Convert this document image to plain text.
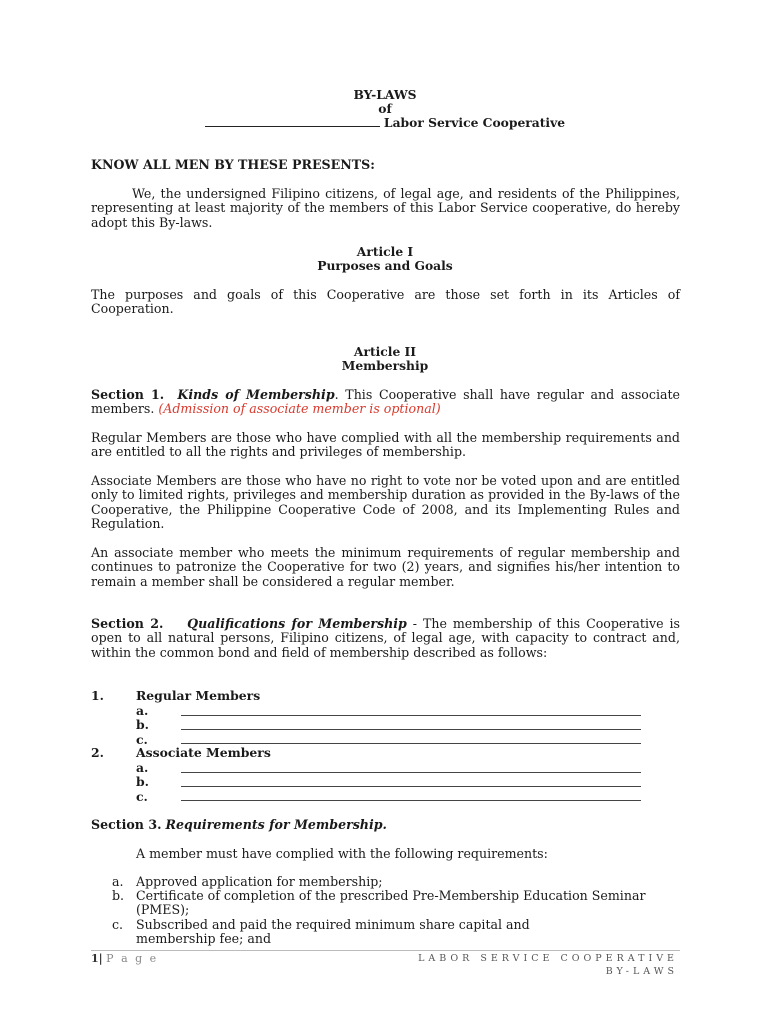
BY-LAWS
of
Labor Service Cooperative
KNOW ALL MEN BY THESE PRESENTS:
We, the undersigned Filipino citizens, of legal age, and residents of the Philippines, representing at least majority of the members of this Labor Service cooperative, do hereby adopt this By-laws.
Article I
Purposes and Goals
The purposes and goals of this Cooperative are those set forth in its Articles of Cooperation.
Article II
Membership
Section 1. Kinds of Membership. This Cooperative shall have regular and associate members. (Admission of associate member is optional)
Regular Members are those who have complied with all the membership requirements and are entitled to all the rights and privileges of membership.
Associate Members are those who have no right to vote nor be voted upon and are entitled only to limited rights, privileges and membership duration as provided in the By-laws of the Cooperative, the Philippine Cooperative Code of 2008, and its Implementing Rules and Regulation.
An associate member who meets the minimum requirements of regular membership and continues to patronize the Cooperative for two (2) years, and signifies his/her intention to remain a member shall be considered a regular member.
Section 2. Qualifications for Membership - The membership of this Cooperative is open to all natural persons, Filipino citizens, of legal age, with capacity to contract and, within the common bond and field of membership described as follows:
1.	Regular Members
a.
b.
c.
2.	Associate Members
a.
b.
c.
Section 3. Requirements for Membership.
A member must have complied with the following requirements:
a. Approved application for membership;
b. Certificate of completion of the prescribed Pre-Membership Education Seminar (PMES);
c. Subscribed and paid the required minimum share capital and membership fee; and
1| P a g e	LABOR SERVICE COOPERATIVE
BY-LAWS
